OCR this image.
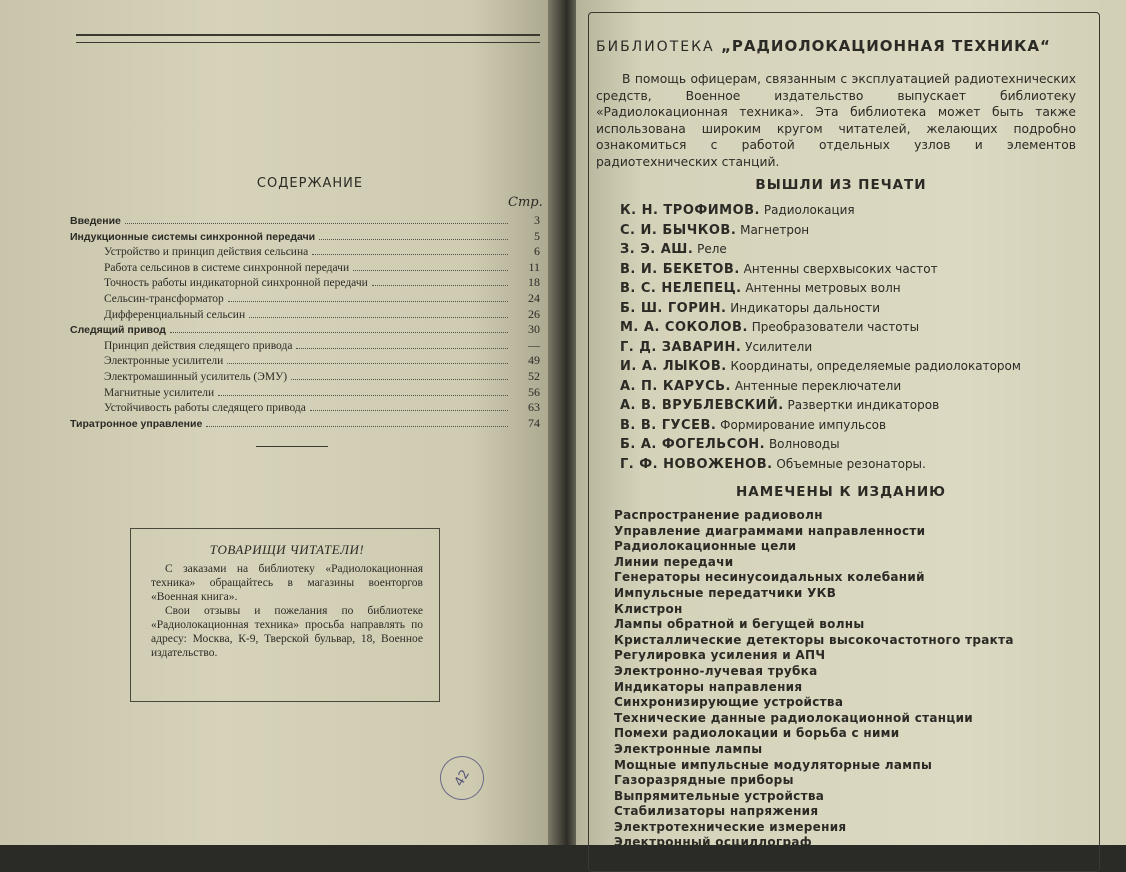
СОДЕРЖАНИЕ
Стр.
Введение	3
Индукционные системы синхронной передачи	5
Устройство и принцип действия сельсина	6
Работа сельсинов в системе синхронной передачи	11
Точность работы индикаторной синхронной передачи	18
Сельсин-трансформатор	24
Дифференциальный сельсин	26
Следящий привод	30
Принцип действия следящего привода	—
Электронные усилители	49
Электромашинный усилитель (ЭМУ)	52
Магнитные усилители	56
Устойчивость работы следящего привода	63
Тиратронное управление	74
ТОВАРИЩИ ЧИТАТЕЛИ!

С заказами на библиотеку «Радиолокационная техника» обращайтесь в магазины военторгов «Военная книга».

Свои отзывы и пожелания по библиотеке «Радиолокационная техника» просьба направлять по адресу: Москва, К-9, Тверской бульвар, 18, Военное издательство.

42
БИБЛИОТЕКА „РАДИОЛОКАЦИОННАЯ ТЕХНИКА“
В помощь офицерам, связанным с эксплуатацией радиотехнических средств, Военное издательство выпускает библиотеку «Радиолокационная техника». Эта библиотека может быть также использована широким кругом читателей, желающих подробно ознакомиться с работой отдельных узлов и элементов радиотехнических станций.
ВЫШЛИ ИЗ ПЕЧАТИ
К. Н. ТРОФИМОВ. Радиолокация
С. И. БЫЧКОВ. Магнетрон
З. Э. АШ. Реле
В. И. БЕКЕТОВ. Антенны сверхвысоких частот
В. С. НЕЛЕПЕЦ. Антенны метровых волн
Б. Ш. ГОРИН. Индикаторы дальности
М. А. СОКОЛОВ. Преобразователи частоты
Г. Д. ЗАВАРИН. Усилители
И. А. ЛЫКОВ. Координаты, определяемые радиолокатором
А. П. КАРУСЬ. Антенные переключатели
А. В. ВРУБЛЕВСКИЙ. Развертки индикаторов
В. В. ГУСЕВ. Формирование импульсов
Б. А. ФОГЕЛЬСОН. Волноводы
Г. Ф. НОВОЖЕНОВ. Объемные резонаторы.
НАМЕЧЕНЫ К ИЗДАНИЮ
Распространение радиоволн
Управление диаграммами направленности
Радиолокационные цели
Линии передачи
Генераторы несинусоидальных колебаний
Импульсные передатчики УКВ
Клистрон
Лампы обратной и бегущей волны
Кристаллические детекторы высокочастотного тракта
Регулировка усиления и АПЧ
Электронно-лучевая трубка
Индикаторы направления
Синхронизирующие устройства
Технические данные радиолокационной станции
Помехи радиолокации и борьба с ними
Электронные лампы
Мощные импульсные модуляторные лампы
Газоразрядные приборы
Выпрямительные устройства
Стабилизаторы напряжения
Электротехнические измерения
Электронный осциллограф
